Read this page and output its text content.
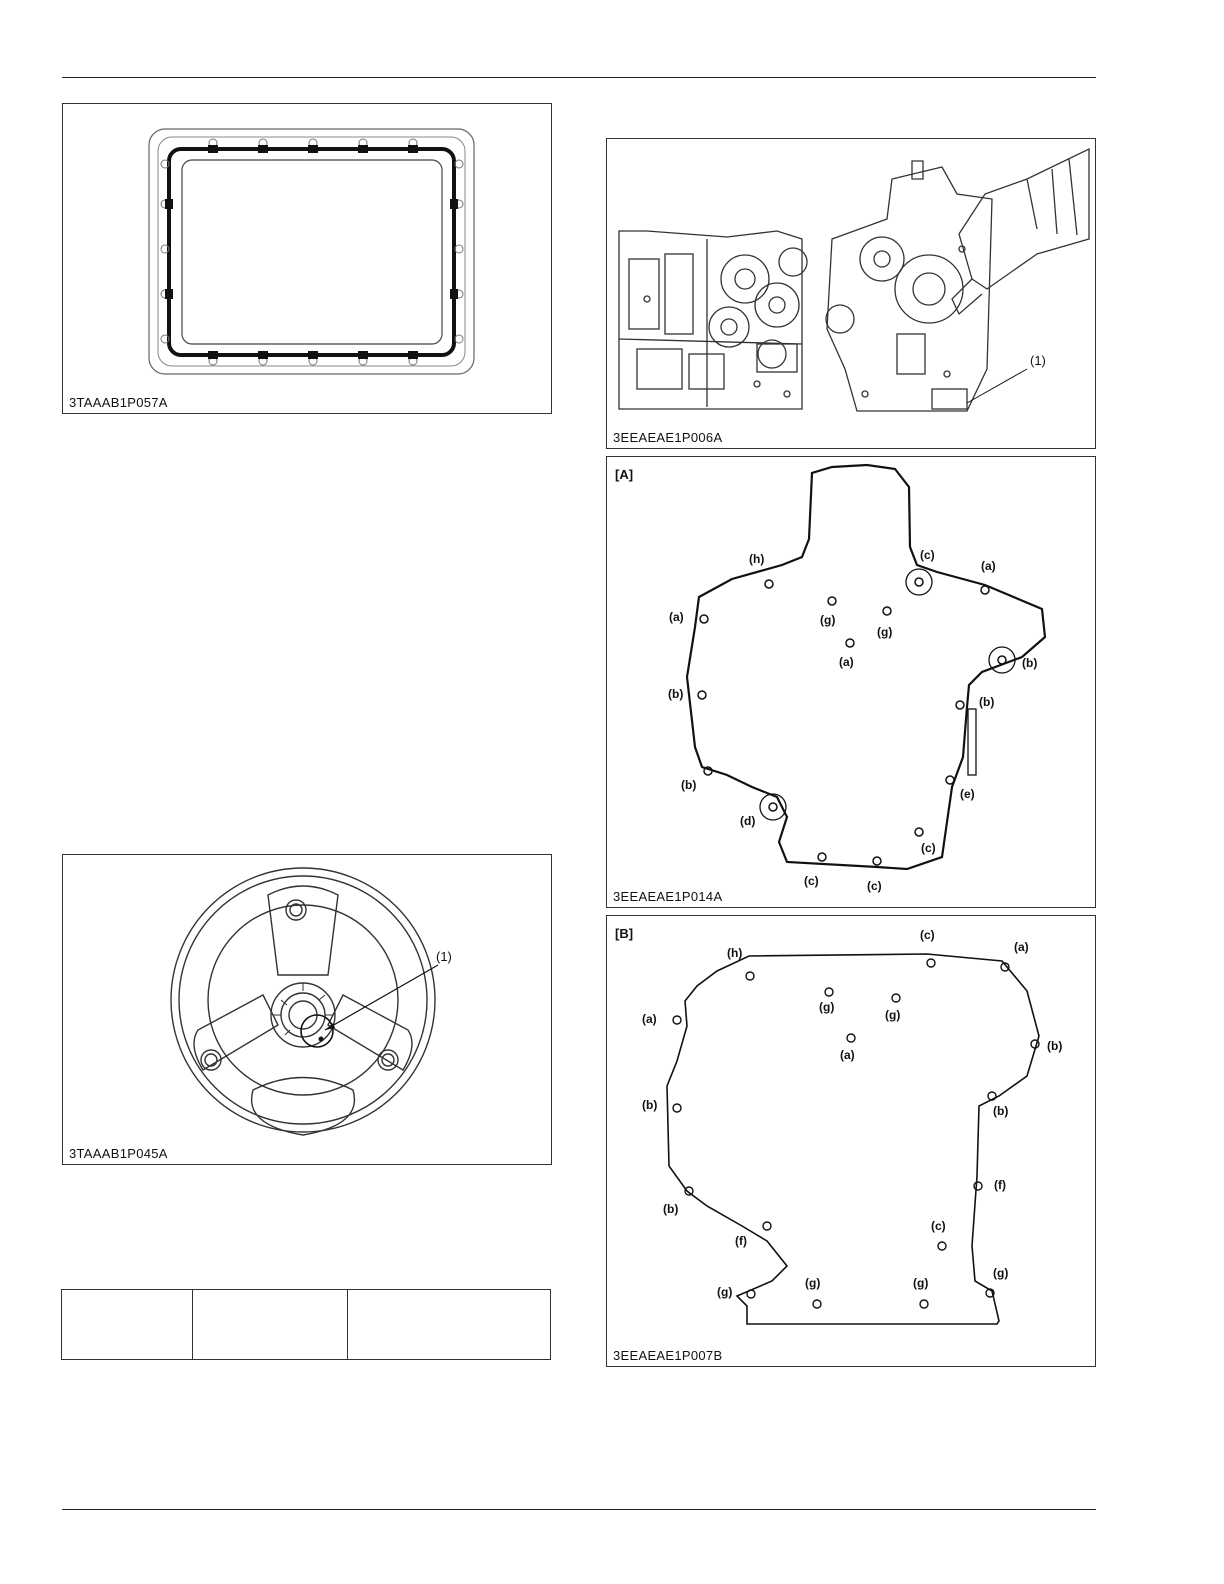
3TAAAB1P057A
(1)
3EEAEAE1P006A
[A]
(h)	(c)
(a)
(a)	(g)
(g)
(a)	(b)
(b)
(b)
(b)
(e)
(d)
(c)
(c)	(c)
3EEAEAE1P014A
(1)
3TAAAB1P045A
[B]
(h)
(c)
(a)
(a)
(g)
(g)
(a)
(b)
(b)	(b)
(f)
(b)
(c)
(f)
(g)	(g)
(g)
(g)
3EEAEAE1P007B
